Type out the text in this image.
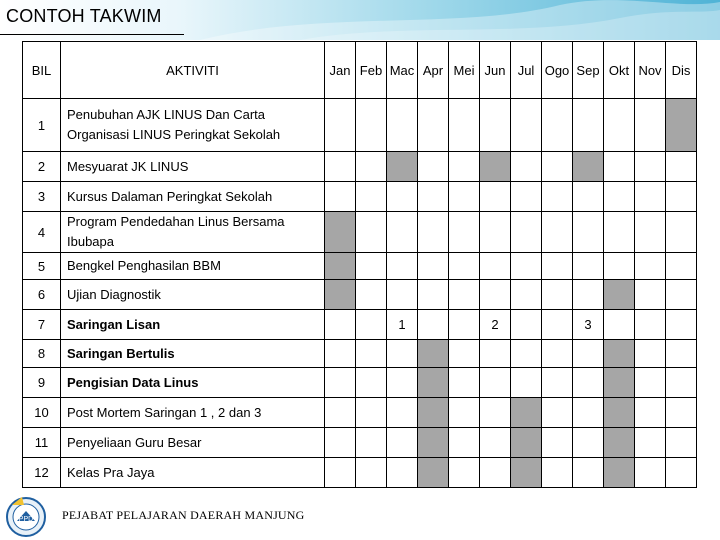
CONTOH TAKWIM
BIL	AKTIVITI	Jan	Feb	Mac	Apr	Mei	Jun	Jul	Ogo	Sep	Okt	Nov	Dis
1	Penubuhan AJK LINUS Dan Carta Organisasi LINUS Peringkat Sekolah												
2	Mesyuarat JK LINUS												
3	Kursus Dalaman Peringkat Sekolah												
4	Program Pendedahan Linus Bersama Ibubapa												
5	Bengkel Penghasilan BBM												
6	Ujian Diagnostik												
7	Saringan Lisan			1			2			3			
8	Saringan Bertulis												
9	Pengisian Data Linus												
10	Post Mortem Saringan 1 , 2 dan 3												
11	Penyeliaan Guru Besar												
12	Kelas Pra Jaya												
PPD PEJABAT PELAJARAN DAERAH MANJUNG
